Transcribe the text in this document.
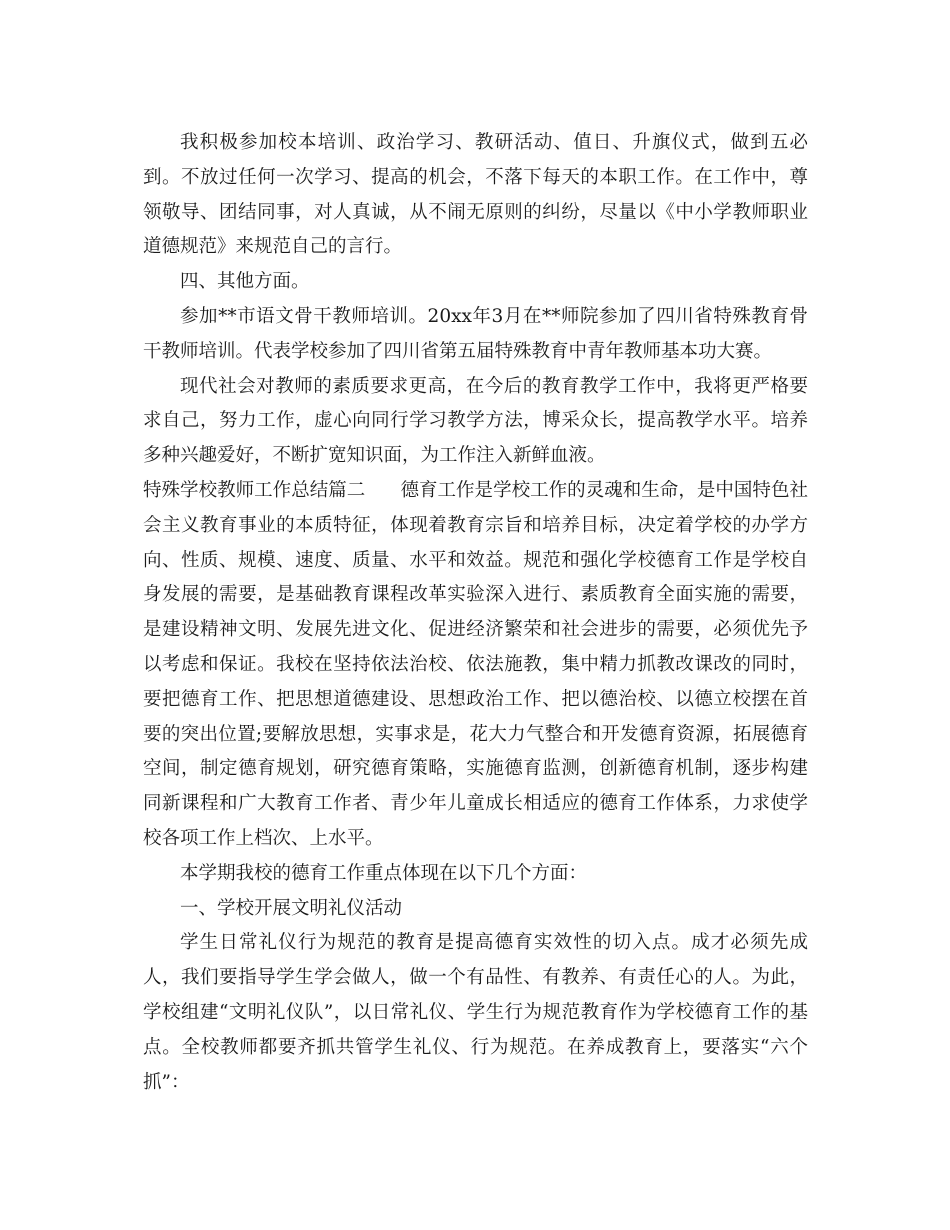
我积极参加校本培训、政治学习、教研活动、值日、升旗仪式，做到五必到。不放过任何一次学习、提高的机会，不落下每天的本职工作。在工作中，尊领敬导、团结同事，对人真诚，从不闹无原则的纠纷，尽量以《中小学教师职业道德规范》来规范自己的言行。

四、其他方面。

参加**市语文骨干教师培训。20xx年3月在**师院参加了四川省特殊教育骨干教师培训。代表学校参加了四川省第五届特殊教育中青年教师基本功大赛。

现代社会对教师的素质要求更高，在今后的教育教学工作中，我将更严格要求自己，努力工作，虚心向同行学习教学方法，博采众长，提高教学水平。培养多种兴趣爱好，不断扩宽知识面，为工作注入新鲜血液。

特殊学校教师工作总结篇二 德育工作是学校工作的灵魂和生命，是中国特色社会主义教育事业的本质特征，体现着教育宗旨和培养目标，决定着学校的办学方向、性质、规模、速度、质量、水平和效益。规范和强化学校德育工作是学校自身发展的需要，是基础教育课程改革实验深入进行、素质教育全面实施的需要，是建设精神文明、发展先进文化、促进经济繁荣和社会进步的需要，必须优先予以考虑和保证。我校在坚持依法治校、依法施教，集中精力抓教改课改的同时，要把德育工作、把思想道德建设、思想政治工作、把以德治校、以德立校摆在首要的突出位置;要解放思想，实事求是，花大力气整合和开发德育资源，拓展德育空间，制定德育规划，研究德育策略，实施德育监测，创新德育机制，逐步构建同新课程和广大教育工作者、青少年儿童成长相适应的德育工作体系，力求使学校各项工作上档次、上水平。

本学期我校的德育工作重点体现在以下几个方面：

一、学校开展文明礼仪活动

学生日常礼仪行为规范的教育是提高德育实效性的切入点。成才必须先成人，我们要指导学生学会做人，做一个有品性、有教养、有责任心的人。为此，学校组建“文明礼仪队”，以日常礼仪、学生行为规范教育作为学校德育工作的基点。全校教师都要齐抓共管学生礼仪、行为规范。在养成教育上，要落实“六个抓”：
